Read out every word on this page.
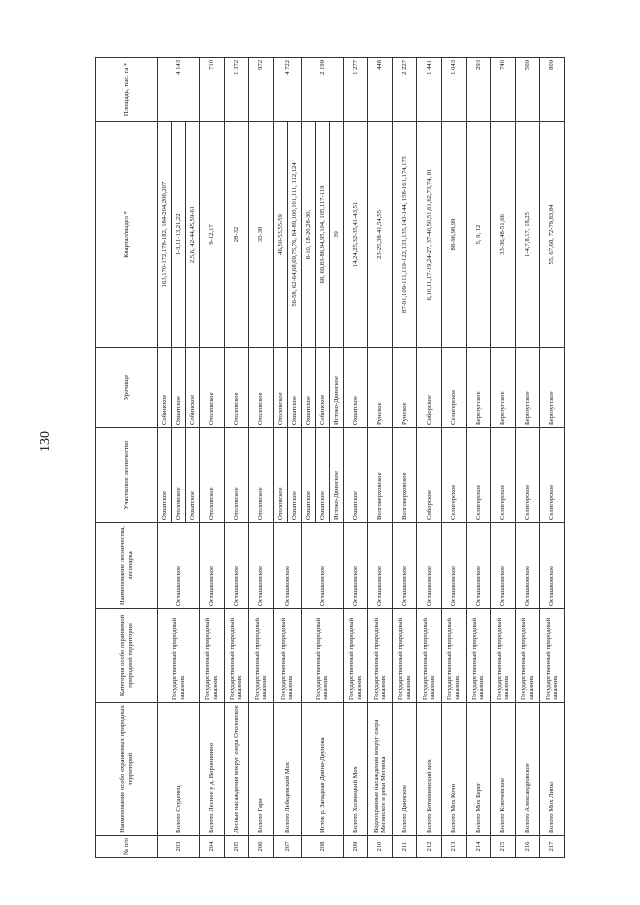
130
№ п/п	Наименование особо охраняемых природных территорий	Категория особо охраняемой природной территории	Наименование лесничества, лесопарка	Участковое лесничество	Урочище	Квартал/выдел *	Площадь, тыс. га *
203	Болото Студенец	Государственный природный заказник	Осташковское	Охватское	Собинское	163,170-172,178-182, 184-204,206,207	4 143
				Отоловское	Охватское	1-3,11-13,21,22	
				Охватское	Собинское	2,5,6, 42-44,45,59-61	
204	Болото Лесное у д. Воронинино	Государственный природный заказник	Осташковское	Отоловское	Отоловское	9-12,17	710
205	Лесные насаждения вокруг озера Отоловское	Государственный природный заказник	Осташковское	Отоловское	Отоловское	28-32	1 372
206	Болото Гари	Государственный природный заказник	Осташковское	Отоловское	Отоловское	35-38	972
207	Болото Лебедевский Мох	Государственный природный заказник	Осташковское	Отоловское	Отоловское	46,50-53,55-59	4 722
				Охватское	Охватское	56-58, 62-64,68,69,75,76, 84-89,100,101,111, 112,124	
208	Исток р. Западная Двина-Двунова	Государственный природный заказник	Осташковское	Охватское	Охватское	8-10, 18-20,28-30,	2 199
				Охватское	Собинское	68, 69,83-86,94,95,104, 105,117-119	
				Истоко-Двинское	Истоко-Двинское	39	
209	Болото Холмецкий Мох	Государственный природный заказник	Осташковское	Охватское	Охватское	14,24,25,32-35,41-43,51	1 277
210	Водоохранные насаждения вокруг озера Мегинское и реки Мегинка	Государственный природный заказник	Осташковское	Волговерховское	Рунское	23-25,38-41,54,55	448
211	Болото Двинское	Государственный природный заказник	Осташковское	Волговерховское	Рунское	87-91,109-111,119-122,133,135,143-144, 158-161,174,175	2 227
212	Болото Ботвининский мох	Государственный природный заказник	Осташковское	Сиборское	Сиборское	6,10,11,17-19,24-27, 37-40,50,51,61,62,73,74, 81	1 441
213	Болото Мох Кочи	Государственный природный заказник	Осташковское	Селигерское	Селигерское	88-96,98,99	1 043
214	Болото Мох Берег	Государственный природный заказник	Осташковское	Селигерское	Березугское	5, 9, 12	293
215	Болото Ключевское	Государственный природный заказник	Осташковское	Селигерское	Березугское	33-36,48-51,66	740
216	Болото Александровское	Государственный природный заказник	Осташковское	Селигерское	Березугское	1-4,7,8,17, 18,25	569
217	Болото Мох Липы	Государственный природный заказник	Осташковское	Селигерское	Березугское	55, 67,68, 72-79,83,84	809
